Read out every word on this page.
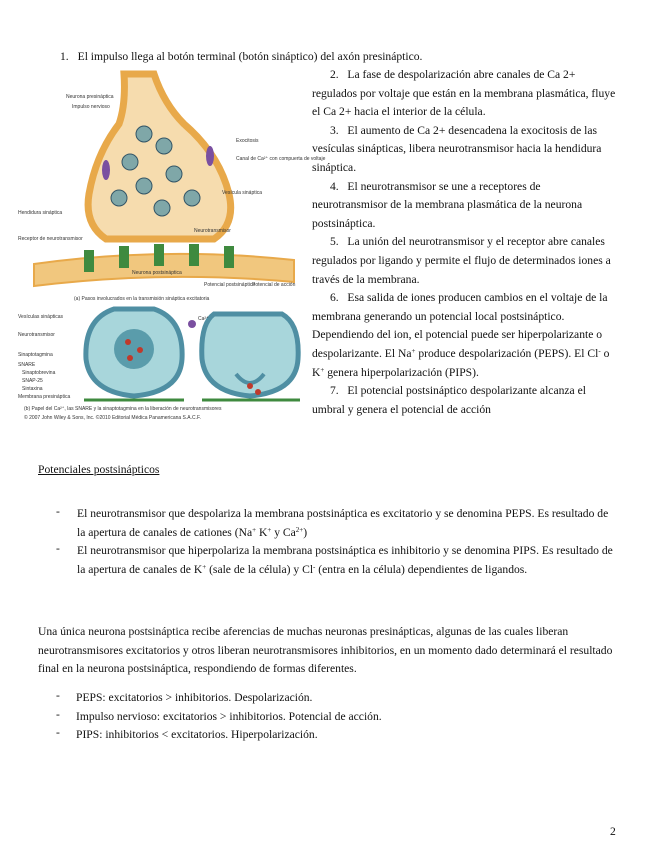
1. El impulso llega al botón terminal (botón sináptico) del axón presináptico.
Neurona presináptica
Impulso nervioso
Canal de Ca²⁺ con compuerta de voltaje
Vesícula sináptica
Exocitosis
Hendidura sináptica
Receptor de neurotransmisor
Neurotransmisor
Neurona postsináptica
Potencial postsináptico
Potencial de acción
(a) Pasos involucrados en la transmisión sináptica excitatoria
Vesículas sinápticas
Neurotransmisor
Sinaptotagmina
SNARE
Sinaptobrevina
SNAP-25
Sintaxina
Membrana presináptica
Ca²⁺
(b) Papel del Ca²⁺, las SNARE y la sinaptotagmina en la liberación de neurotransmisores
© 2007 John Wiley & Sons, Inc. ©2010 Editorial Médica Panamericana S.A.C.F.

2. La fase de despolarización abre canales de Ca 2+ regulados por voltaje que están en la membrana plasmática, fluye el Ca 2+ hacia el interior de la célula.

3. El aumento de Ca 2+ desencadena la exocitosis de las vesículas sinápticas, libera neurotransmisor hacia la hendidura sináptica.

4. El neurotransmisor se une a receptores de neurotransmisor de la membrana plasmática de la neurona postsináptica.

5. La unión del neurotransmisor y el receptor abre canales regulados por ligando y permite el flujo de determinados iones a través de la membrana.

6. Esa salida de iones producen cambios en el voltaje de la membrana generando un potencial local postsináptico. Dependiendo del ion, el potencial puede ser hiperpolarizante o despolarizante. El Na+ produce despolarización (PEPS). El Cl- o K+ genera hiperpolarización (PIPS).

7. El potencial postsináptico despolarizante alcanza el umbral y genera el potencial de acción

Potenciales postsinápticos
- El neurotransmisor que despolariza la membrana postsináptica es excitatorio y se denomina PEPS. Es resultado de la apertura de canales de cationes (Na+ K+ y $Ca^{2+}$)
- El neurotransmisor que hiperpolariza la membrana postsináptica es inhibitorio y se denomina PIPS. Es resultado de la apertura de canales de K+ (sale de la célula) y Cl- (entra en la célula) dependientes de ligandos.
Una única neurona postsináptica recibe aferencias de muchas neuronas presinápticas, algunas de las cuales liberan neurotransmisores excitatorios y otros liberan neurotransmisores inhibitorios, en un momento dado determinará el resultado final en la neurona postsináptica, respondiendo de formas diferentes.
- PEPS: excitatorios > inhibitorios. Despolarización.
- Impulso nervioso: excitatorios > inhibitorios. Potencial de acción.
- PIPS: inhibitorios < excitatorios. Hiperpolarización.
2
